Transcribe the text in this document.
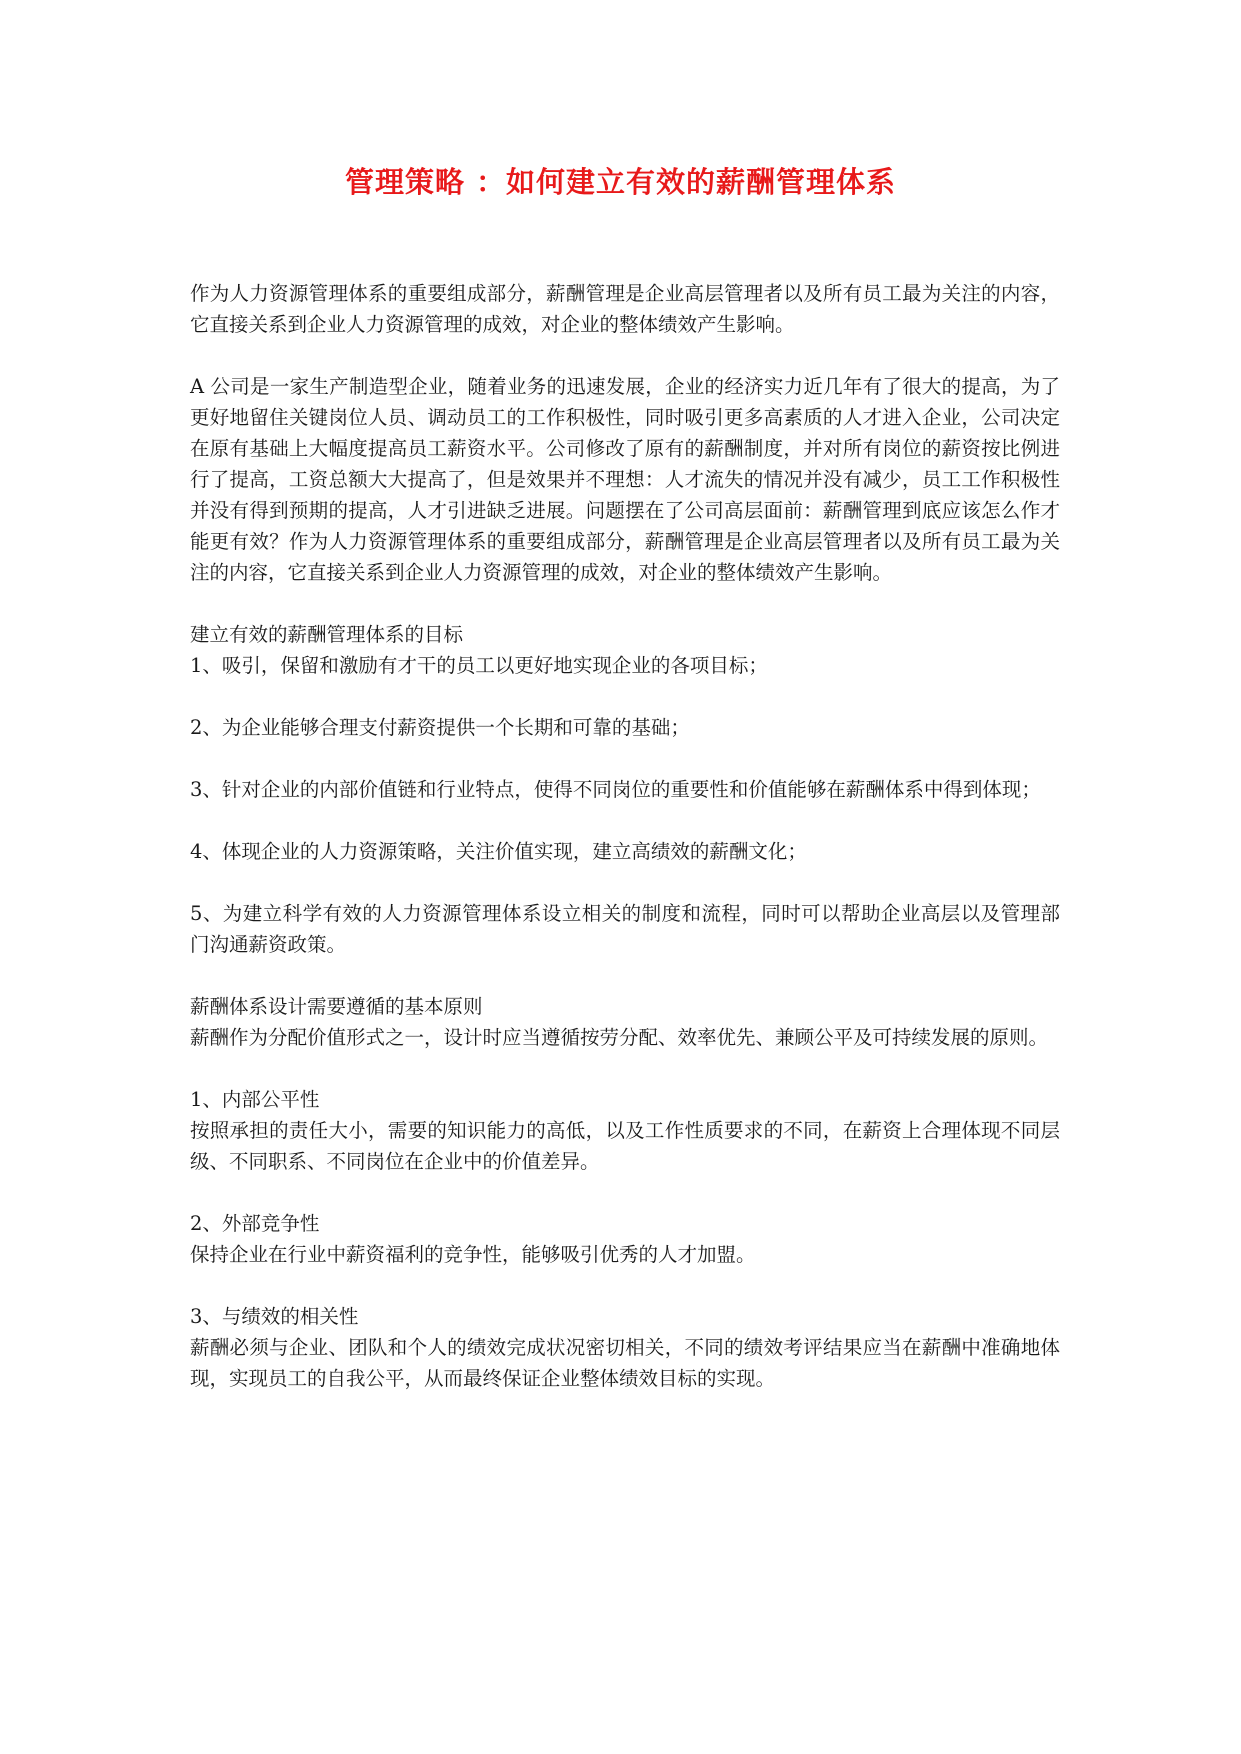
管理策略 ：如何建立有效的薪酬管理体系

作为人力资源管理体系的重要组成部分，薪酬管理是企业高层管理者以及所有员工最为关注的内容，它直接关系到企业人力资源管理的成效，对企业的整体绩效产生影响。

A 公司是一家生产制造型企业，随着业务的迅速发展，企业的经济实力近几年有了很大的提高，为了更好地留住关键岗位人员、调动员工的工作积极性，同时吸引更多高素质的人才进入企业，公司决定在原有基础上大幅度提高员工薪资水平。公司修改了原有的薪酬制度，并对所有岗位的薪资按比例进行了提高，工资总额大大提高了，但是效果并不理想：人才流失的情况并没有减少，员工工作积极性并没有得到预期的提高，人才引进缺乏进展。问题摆在了公司高层面前：薪酬管理到底应该怎么作才能更有效？作为人力资源管理体系的重要组成部分，薪酬管理是企业高层管理者以及所有员工最为关注的内容，它直接关系到企业人力资源管理的成效，对企业的整体绩效产生影响。

建立有效的薪酬管理体系的目标

1、吸引，保留和激励有才干的员工以更好地实现企业的各项目标；

2、为企业能够合理支付薪资提供一个长期和可靠的基础；

3、针对企业的内部价值链和行业特点，使得不同岗位的重要性和价值能够在薪酬体系中得到体现；

4、体现企业的人力资源策略，关注价值实现，建立高绩效的薪酬文化；

5、为建立科学有效的人力资源管理体系设立相关的制度和流程，同时可以帮助企业高层以及管理部门沟通薪资政策。

薪酬体系设计需要遵循的基本原则

薪酬作为分配价值形式之一，设计时应当遵循按劳分配、效率优先、兼顾公平及可持续发展的原则。

1、内部公平性

按照承担的责任大小，需要的知识能力的高低，以及工作性质要求的不同，在薪资上合理体现不同层级、不同职系、不同岗位在企业中的价值差异。

2、外部竞争性

保持企业在行业中薪资福利的竞争性，能够吸引优秀的人才加盟。

3、与绩效的相关性

薪酬必须与企业、团队和个人的绩效完成状况密切相关，不同的绩效考评结果应当在薪酬中准确地体现，实现员工的自我公平，从而最终保证企业整体绩效目标的实现。
